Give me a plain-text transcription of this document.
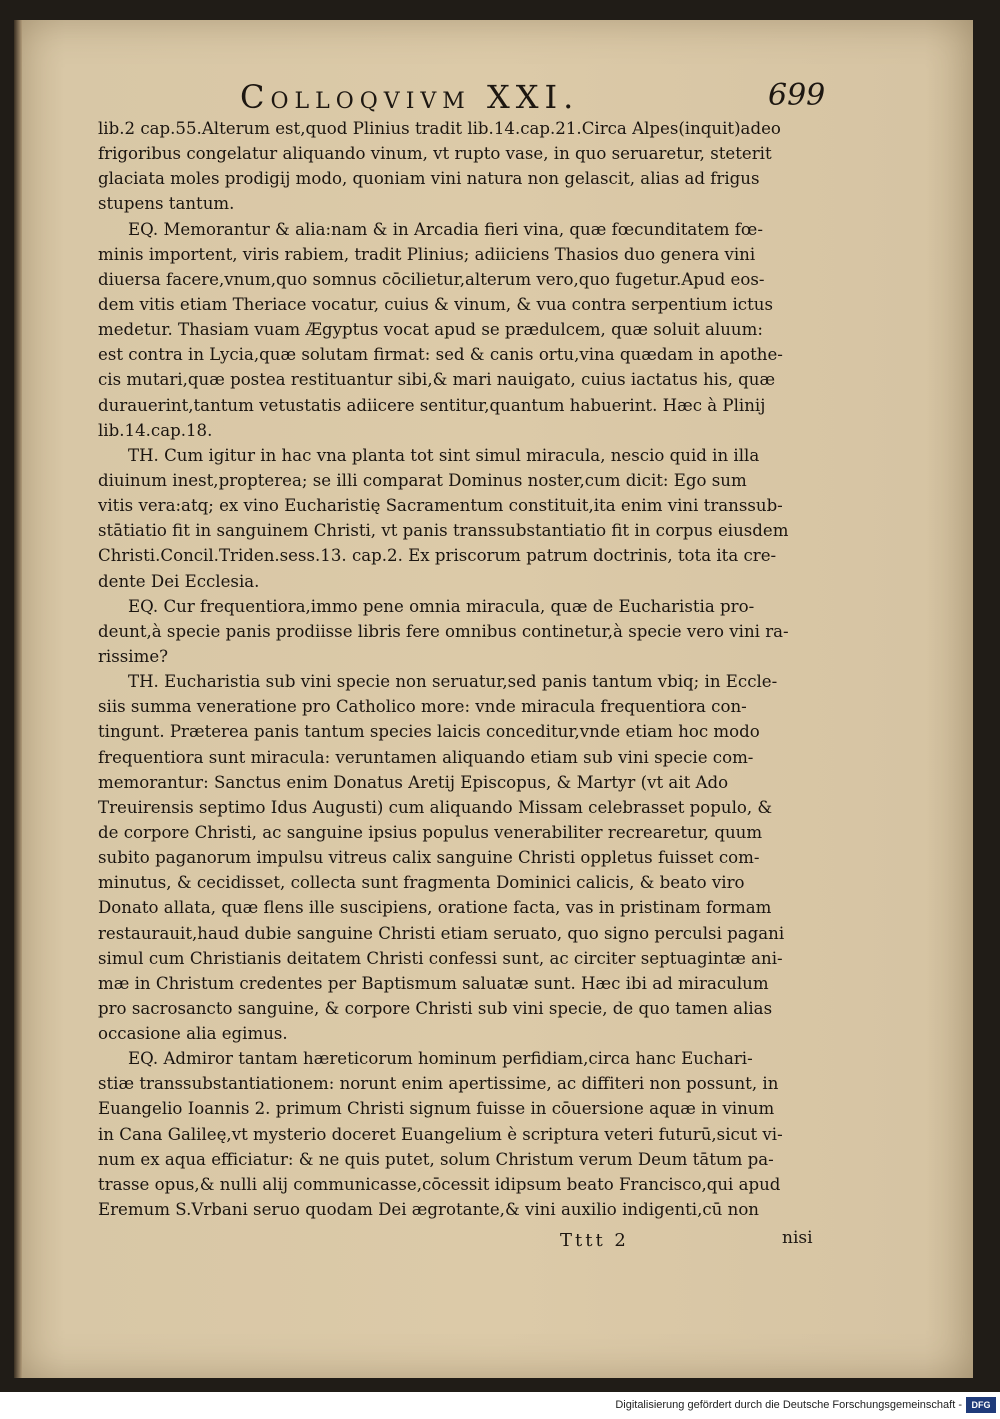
Colloqvivm XXI.	699
lib.2 cap.55.Alterum est,quod Plinius tradit lib.14.cap.21.Circa Alpes(inquit)adeo
frigoribus congelatur aliquando vinum, vt rupto vase, in quo seruaretur, steterit
glaciata moles prodigij modo, quoniam vini natura non gelascit, alias ad frigus
stupens tantum.
EQ. Memorantur & alia:nam & in Arcadia fieri vina, quæ fœcunditatem fœ-
minis importent, viris rabiem, tradit Plinius; adiiciens Thasios duo genera vini
diuersa facere,vnum,quo somnus cōcilietur,alterum vero,quo fugetur.Apud eos-
dem vitis etiam Theriace vocatur, cuius & vinum, & vua contra serpentium ictus
medetur. Thasiam vuam Ægyptus vocat apud se prædulcem, quæ soluit aluum:
est contra in Lycia,quæ solutam firmat: sed & canis ortu,vina quædam in apothe-
cis mutari,quæ postea restituantur sibi,& mari nauigato, cuius iactatus his, quæ
durauerint,tantum vetustatis adiicere sentitur,quantum habuerint. Hæc à Plinij
lib.14.cap.18.
TH. Cum igitur in hac vna planta tot sint simul miracula, nescio quid in illa
diuinum inest,propterea; se illi comparat Dominus noster,cum dicit: Ego sum
vitis vera:atq; ex vino Eucharistię Sacramentum constituit,ita enim vini transsub-
stātiatio fit in sanguinem Christi, vt panis transsubstantiatio fit in corpus eiusdem
Christi.Concil.Triden.sess.13. cap.2. Ex priscorum patrum doctrinis, tota ita cre-
dente Dei Ecclesia.
EQ. Cur frequentiora,immo pene omnia miracula, quæ de Eucharistia pro-
deunt,à specie panis prodiisse libris fere omnibus continetur,à specie vero vini ra-
rissime?
TH. Eucharistia sub vini specie non seruatur,sed panis tantum vbiq; in Eccle-
siis summa veneratione pro Catholico more: vnde miracula frequentiora con-
tingunt. Præterea panis tantum species laicis conceditur,vnde etiam hoc modo
frequentiora sunt miracula: veruntamen aliquando etiam sub vini specie com-
memorantur: Sanctus enim Donatus Aretij Episcopus, & Martyr (vt ait Ado
Treuirensis septimo Idus Augusti) cum aliquando Missam celebrasset populo, &
de corpore Christi, ac sanguine ipsius populus venerabiliter recrearetur, quum
subito paganorum impulsu vitreus calix sanguine Christi oppletus fuisset com-
minutus, & cecidisset, collecta sunt fragmenta Dominici calicis, & beato viro
Donato allata, quæ flens ille suscipiens, oratione facta, vas in pristinam formam
restaurauit,haud dubie sanguine Christi etiam seruato, quo signo perculsi pagani
simul cum Christianis deitatem Christi confessi sunt, ac circiter septuagintæ ani-
mæ in Christum credentes per Baptismum saluatæ sunt. Hæc ibi ad miraculum
pro sacrosancto sanguine, & corpore Christi sub vini specie, de quo tamen alias
occasione alia egimus.
EQ. Admiror tantam hæreticorum hominum perfidiam,circa hanc Euchari-
stiæ transsubstantiationem: norunt enim apertissime, ac diffiteri non possunt, in
Euangelio Ioannis 2. primum Christi signum fuisse in cōuersione aquæ in vinum
in Cana Galileę,vt mysterio doceret Euangelium è scriptura veteri futurū,sicut vi-
num ex aqua efficiatur: & ne quis putet, solum Christum verum Deum tātum pa-
trasse opus,& nulli alij communicasse,cōcessit idipsum beato Francisco,qui apud
Eremum S.Vrbani seruo quodam Dei ægrotante,& vini auxilio indigenti,cū non
Tttt 2	nisi
Digitalisierung gefördert durch die Deutsche Forschungsgemeinschaft -	DFG
